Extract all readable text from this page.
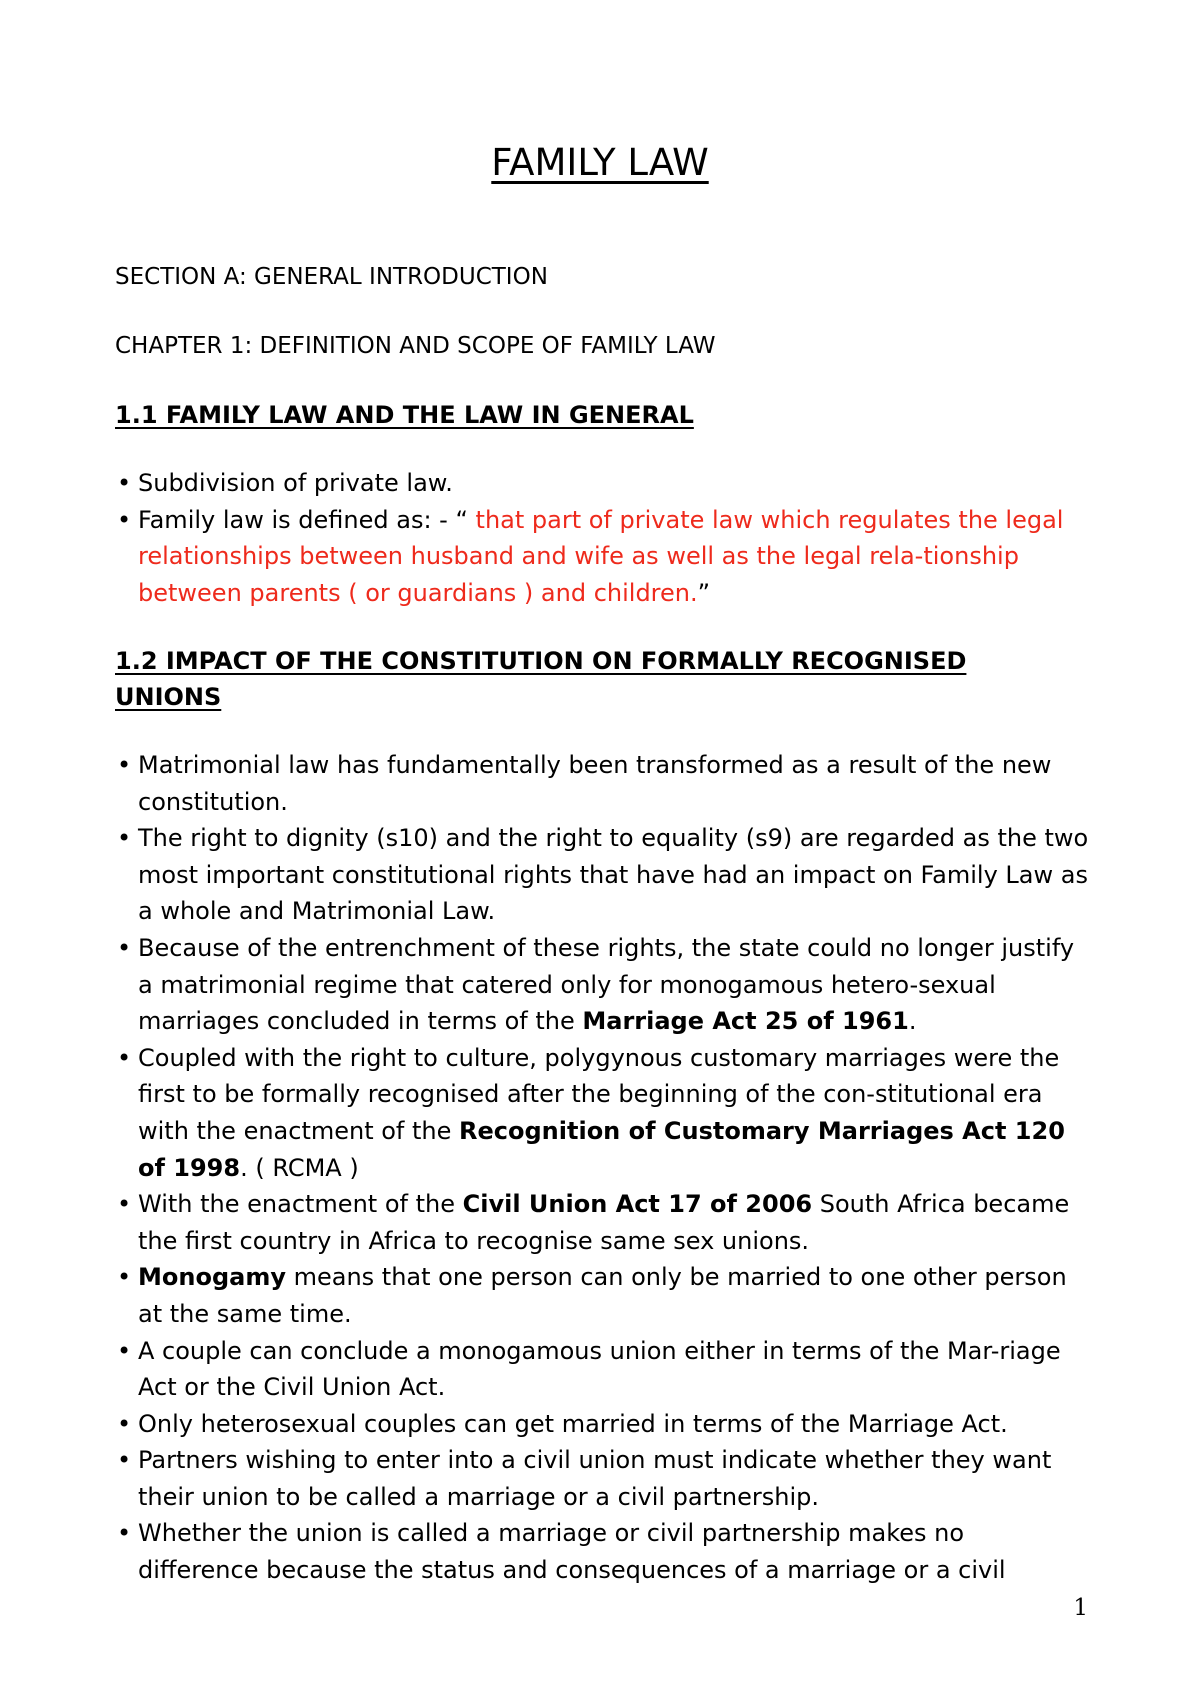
FAMILY LAW
SECTION A: GENERAL INTRODUCTION
CHAPTER 1: DEFINITION AND SCOPE OF FAMILY LAW
1.1 FAMILY LAW AND THE LAW IN GENERAL
• Subdivision of private law.
• Family law is defined as: - “ that part of private law which regulates the legal relationships between husband and wife as well as the legal rela-tionship between parents ( or guardians ) and children.”
1.2 IMPACT OF THE CONSTITUTION ON FORMALLY RECOGNISED UNIONS
• Matrimonial law has fundamentally been transformed as a result of the new constitution.
• The right to dignity (s10) and the right to equality (s9) are regarded as the two most important constitutional rights that have had an impact on Family Law as a whole and Matrimonial Law.
• Because of the entrenchment of these rights, the state could no longer justify a matrimonial regime that catered only for monogamous hetero-sexual marriages concluded in terms of the Marriage Act 25 of 1961.
• Coupled with the right to culture, polygynous customary marriages were the first to be formally recognised after the beginning of the con-stitutional era with the enactment of the Recognition of Customary Marriages Act 120 of 1998. ( RCMA )
• With the enactment of the Civil Union Act 17 of 2006 South Africa became the first country in Africa to recognise same sex unions.
• Monogamy means that one person can only be married to one other person at the same time.
• A couple can conclude a monogamous union either in terms of the Mar-riage Act or the Civil Union Act.
• Only heterosexual couples can get married in terms of the Marriage Act.
• Partners wishing to enter into a civil union must indicate whether they want their union to be called a marriage or a civil partnership.
• Whether the union is called a marriage or civil partnership makes no difference because the status and consequences of a marriage or a civil
1
